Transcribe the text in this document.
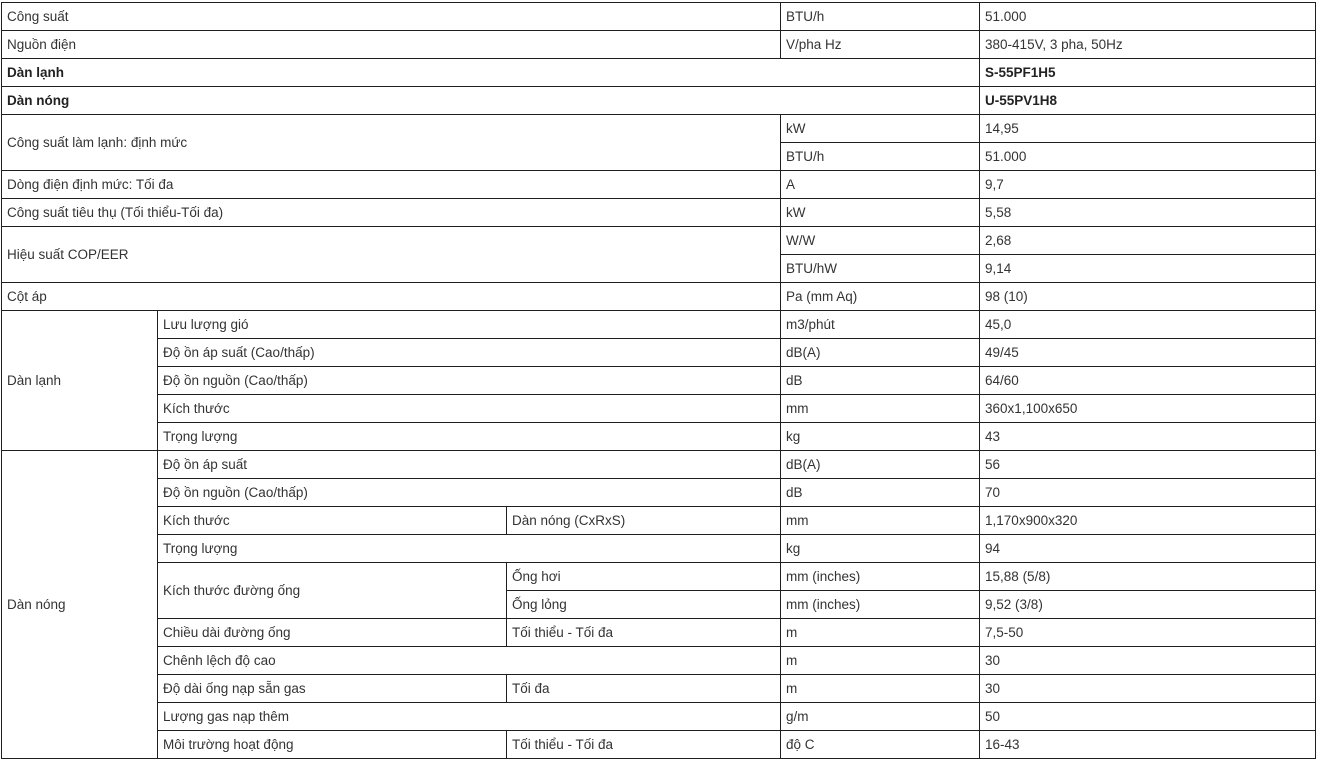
Công suất			BTU/h	51.000
Nguồn điện			V/pha Hz	380-415V, 3 pha, 50Hz
Dàn lạnh				S-55PF1H5
Dàn nóng				U-55PV1H8
Công suất làm lạnh: định mức			kW	14,95
			BTU/h	51.000
Dòng điện định mức: Tối đa			A	9,7
Công suất tiêu thụ (Tối thiểu-Tối đa)			kW	5,58
Hiệu suất COP/EER			W/W	2,68
			BTU/hW	9,14
Cột áp			Pa (mm Aq)	98 (10)
Dàn lạnh	Lưu lượng gió		m3/phút	45,0
	Độ ồn áp suất (Cao/thấp)		dB(A)	49/45
	Độ ồn nguồn (Cao/thấp)		dB	64/60
	Kích thước		mm	360x1,100x650
	Trọng lượng		kg	43
Dàn nóng	Độ ồn áp suất		dB(A)	56
	Độ ồn nguồn (Cao/thấp)		dB	70
	Kích thước	Dàn nóng (CxRxS)	mm	1,170x900x320
	Trọng lượng		kg	94
	Kích thước đường ống	Ống hơi	mm (inches)	15,88 (5/8)
		Ống lỏng	mm (inches)	9,52 (3/8)
	Chiều dài đường ống	Tối thiểu - Tối đa	m	7,5-50
	Chênh lệch độ cao		m	30
	Độ dài ống nạp sẵn gas	Tối đa	m	30
	Lượng gas nạp thêm		g/m	50
	Môi trường hoạt động	Tối thiểu - Tối đa	độ C	16-43
